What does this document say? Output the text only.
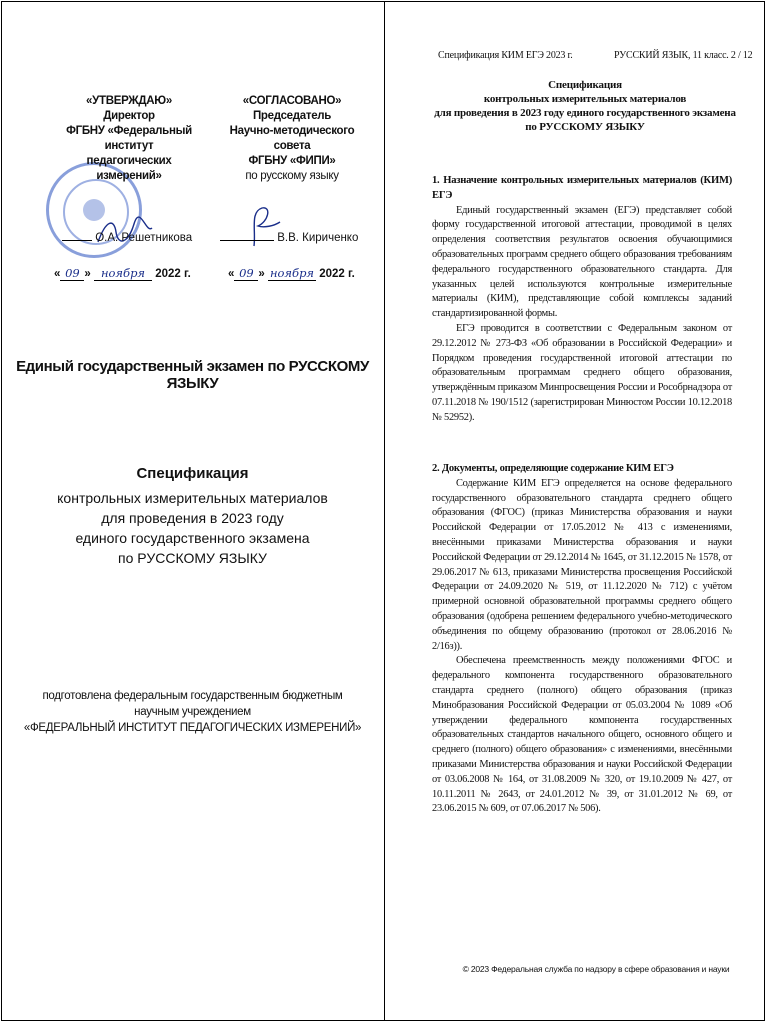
«УТВЕРЖДАЮ»
Директор
ФГБНУ «Федеральный институт
педагогических измерений»
«СОГЛАСОВАНО»
Председатель
Научно-методического совета
ФГБНУ «ФИПИ»
по русскому языку
О.А. Решетникова	В.В. Кириченко
« 09 » ноября 2022 г.	« 09 » ноября 2022 г.
Единый государственный экзамен по РУССКОМУ ЯЗЫКУ
Спецификация
контрольных измерительных материалов
для проведения в 2023 году
единого государственного экзамена
по РУССКОМУ ЯЗЫКУ
подготовлена федеральным государственным бюджетным
научным учреждением
«ФЕДЕРАЛЬНЫЙ ИНСТИТУТ ПЕДАГОГИЧЕСКИХ ИЗМЕРЕНИЙ»
Спецификация КИМ ЕГЭ 2023 г.	РУССКИЙ ЯЗЫК, 11 класс. 2 / 12
Спецификация
контрольных измерительных материалов
для проведения в 2023 году единого государственного экзамена
по РУССКОМУ ЯЗЫКУ

1. Назначение контрольных измерительных материалов (КИМ) ЕГЭ

Единый государственный экзамен (ЕГЭ) представляет собой форму государственной итоговой аттестации, проводимой в целях определения соответствия результатов освоения обучающимися образовательных программ среднего общего образования требованиям федерального государственного образовательного стандарта. Для указанных целей используются контрольные измерительные материалы (КИМ), представляющие собой комплексы заданий стандартизированной формы.

ЕГЭ проводится в соответствии с Федеральным законом от 29.12.2012 № 273-ФЗ «Об образовании в Российской Федерации» и Порядком проведения государственной итоговой аттестации по образовательным программам среднего общего образования, утверждённым приказом Минпросвещения России и Рособрнадзора от 07.11.2018 № 190/1512 (зарегистрирован Минюстом России 10.12.2018 № 52952).

2. Документы, определяющие содержание КИМ ЕГЭ

Содержание КИМ ЕГЭ определяется на основе федерального государственного образовательного стандарта среднего общего образования (ФГОС) (приказ Министерства образования и науки Российской Федерации от 17.05.2012 № 413 с изменениями, внесёнными приказами Министерства образования и науки Российской Федерации от 29.12.2014 № 1645, от 31.12.2015 № 1578, от 29.06.2017 № 613, приказами Министерства просвещения Российской Федерации от 24.09.2020 № 519, от 11.12.2020 № 712) с учётом примерной основной образовательной программы среднего общего образования (одобрена решением федерального учебно-методического объединения по общему образованию (протокол от 28.06.2016 № 2/16з)).

Обеспечена преемственность между положениями ФГОС и федерального компонента государственного образовательного стандарта среднего (полного) общего образования (приказ Минобразования Российской Федерации от 05.03.2004 № 1089 «Об утверждении федерального компонента государственных образовательных стандартов начального общего, основного общего и среднего (полного) общего образования» с изменениями, внесёнными приказами Министерства образования и науки Российской Федерации от 03.06.2008 № 164, от 31.08.2009 № 320, от 19.10.2009 № 427, от 10.11.2011 № 2643, от 24.01.2012 № 39, от 31.01.2012 № 69, от 23.06.2015 № 609, от 07.06.2017 № 506).

© 2023 Федеральная служба по надзору в сфере образования и науки
